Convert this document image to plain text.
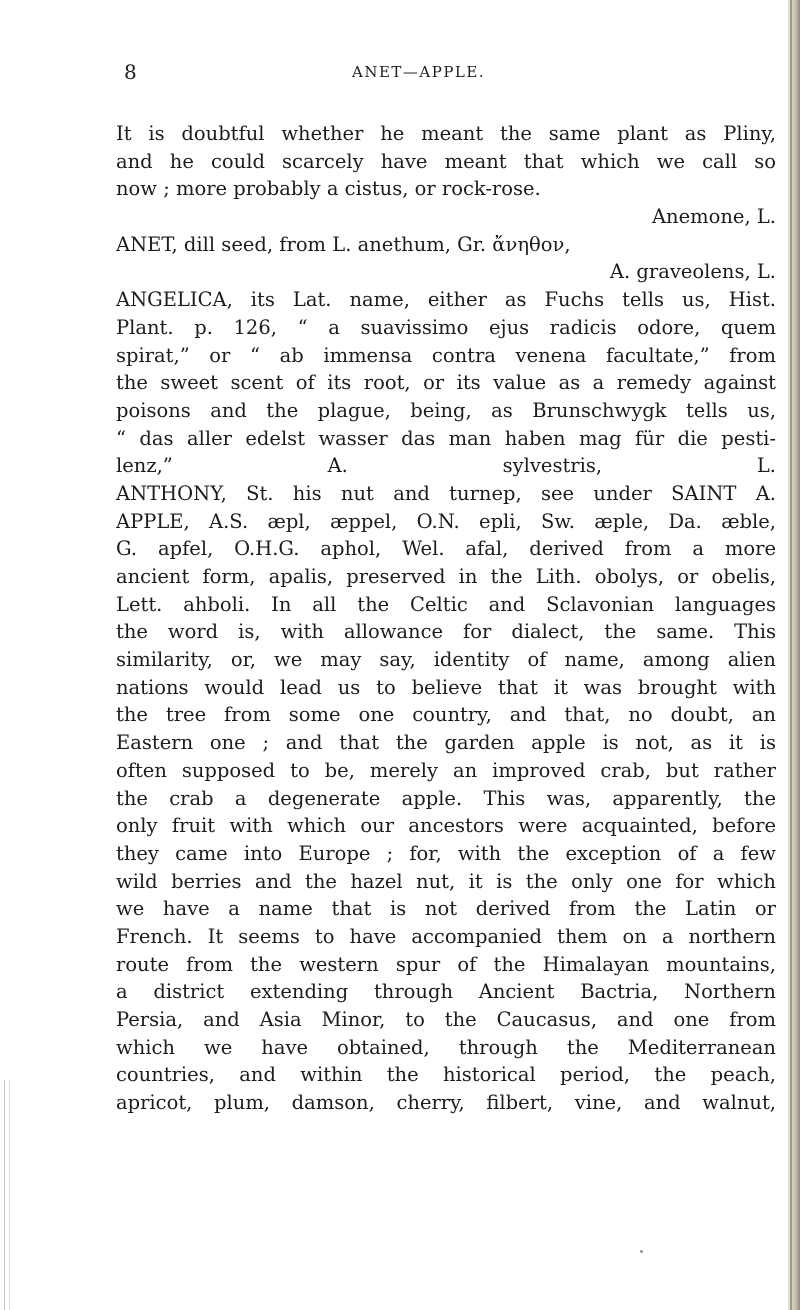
8	ANET—APPLE.
It is doubtful whether he meant the same plant as Pliny,
and he could scarcely have meant that which we call so
now ; more probably a cistus, or rock-rose.
Anemone, L.
ANET, dill seed, from L. anethum, Gr. ἄνηθον,
A. graveolens, L.
ANGELICA, its Lat. name, either as Fuchs tells us, Hist.
Plant. p. 126, “ a suavissimo ejus radicis odore, quem
spirat,” or “ ab immensa contra venena facultate,” from
the sweet scent of its root, or its value as a remedy against
poisons and the plague, being, as Brunschwygk tells us,
“ das aller edelst wasser das man haben mag für die pesti-
lenz,” A. sylvestris, L.
ANTHONY, St. his nut and turnep, see under SAINT A.
APPLE, A.S. æpl, æppel, O.N. epli, Sw. æple, Da. æble,
G. apfel, O.H.G. aphol, Wel. afal, derived from a more
ancient form, apalis, preserved in the Lith. obolys, or obelis,
Lett. ahboli. In all the Celtic and Sclavonian languages
the word is, with allowance for dialect, the same. This
similarity, or, we may say, identity of name, among alien
nations would lead us to believe that it was brought with
the tree from some one country, and that, no doubt, an
Eastern one ; and that the garden apple is not, as it is
often supposed to be, merely an improved crab, but rather
the crab a degenerate apple. This was, apparently, the
only fruit with which our ancestors were acquainted, before
they came into Europe ; for, with the exception of a few
wild berries and the hazel nut, it is the only one for which
we have a name that is not derived from the Latin or
French. It seems to have accompanied them on a northern
route from the western spur of the Himalayan mountains,
a district extending through Ancient Bactria, Northern
Persia, and Asia Minor, to the Caucasus, and one from
which we have obtained, through the Mediterranean
countries, and within the historical period, the peach,
apricot, plum, damson, cherry, filbert, vine, and walnut,
